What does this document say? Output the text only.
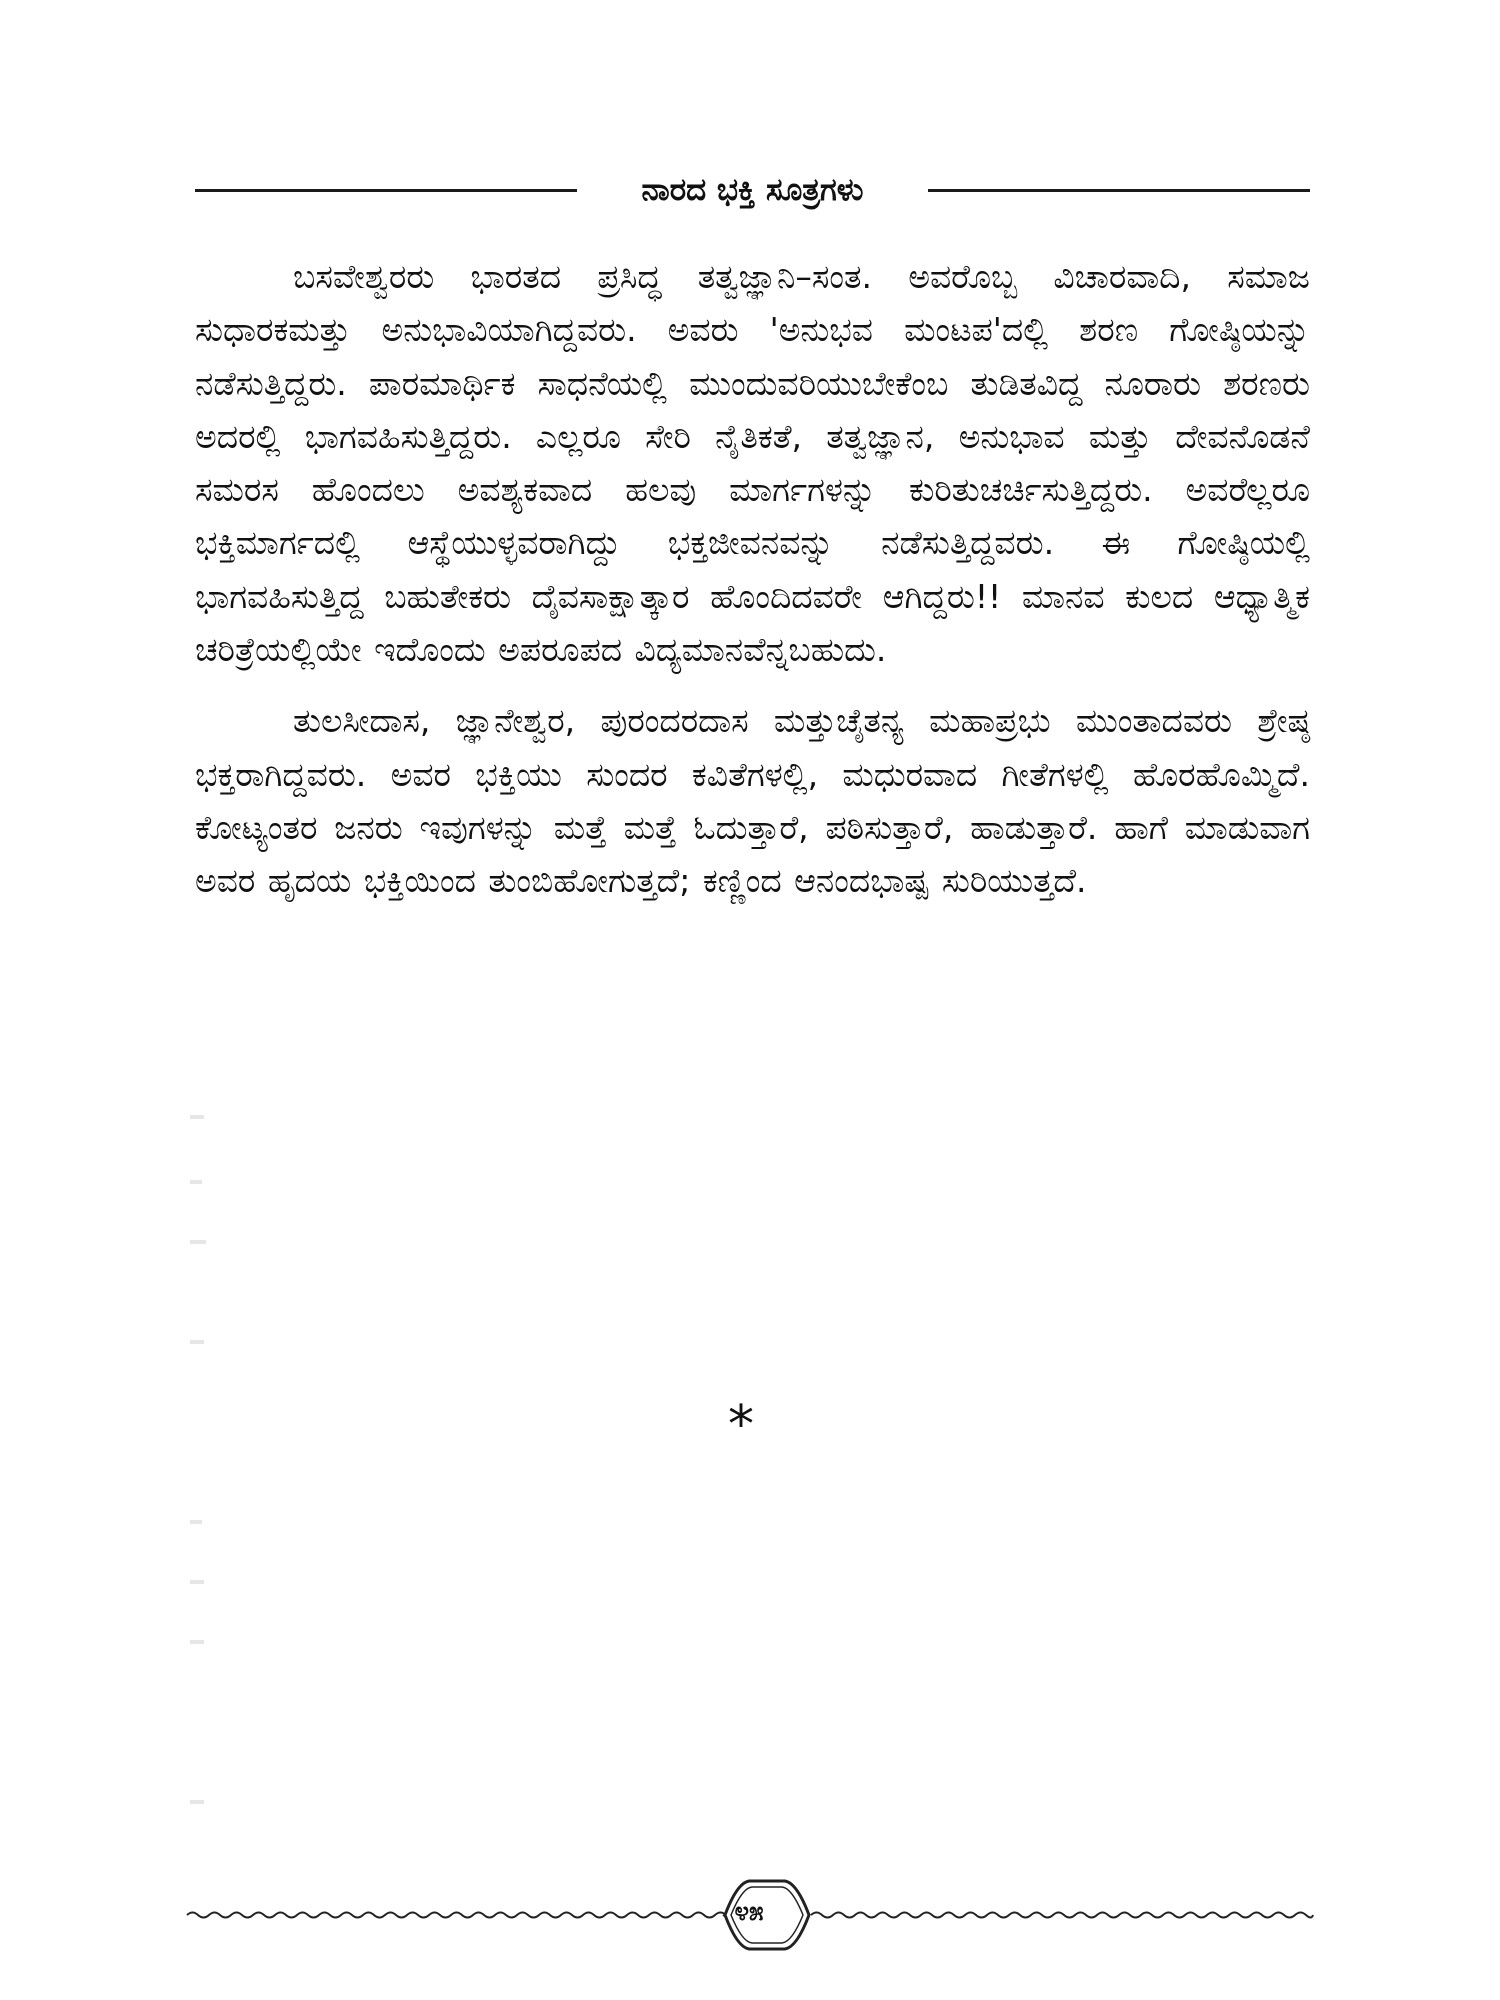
ನಾರದ ಭಕ್ತಿ ಸೂತ್ರಗಳು

ಬಸವೇಶ್ವರರು ಭಾರತದ ಪ್ರಸಿದ್ಧ ತತ್ವಜ್ಞಾನಿ–ಸಂತ. ಅವರೊಬ್ಬ ವಿಚಾರವಾದಿ, ಸಮಾಜ ಸುಧಾರಕಮತ್ತು ಅನುಭಾವಿಯಾಗಿದ್ದವರು. ಅವರು 'ಅನುಭವ ಮಂಟಪ'ದಲ್ಲಿ ಶರಣ ಗೋಷ್ಠಿಯನ್ನು ನಡೆಸುತ್ತಿದ್ದರು. ಪಾರಮಾರ್ಥಿಕ ಸಾಧನೆಯಲ್ಲಿ ಮುಂದುವರಿಯುಬೇಕೆಂಬ ತುಡಿತವಿದ್ದ ನೂರಾರು ಶರಣರು ಅದರಲ್ಲಿ ಭಾಗವಹಿಸುತ್ತಿದ್ದರು. ಎಲ್ಲರೂ ಸೇರಿ ನೈತಿಕತೆ, ತತ್ವಜ್ಞಾನ, ಅನುಭಾವ ಮತ್ತು ದೇವನೊಡನೆ ಸಮರಸ ಹೊಂದಲು ಅವಶ್ಯಕವಾದ ಹಲವು ಮಾರ್ಗಗಳನ್ನು ಕುರಿತುಚರ್ಚಿಸುತ್ತಿದ್ದರು. ಅವರೆಲ್ಲರೂ ಭಕ್ತಿಮಾರ್ಗದಲ್ಲಿ ಆಸ್ಥೆಯುಳ್ಳವರಾಗಿದ್ದು ಭಕ್ತಜೀವನವನ್ನು ನಡೆಸುತ್ತಿದ್ದವರು. ಈ ಗೋಷ್ಠಿಯಲ್ಲಿ ಭಾಗವಹಿಸುತ್ತಿದ್ದ ಬಹುತೇಕರು ದೈವಸಾಕ್ಷಾತ್ಕಾರ ಹೊಂದಿದವರೇ ಆಗಿದ್ದರು!! ಮಾನವ ಕುಲದ ಆಧ್ಯಾತ್ಮಿಕ ಚರಿತ್ರೆಯಲ್ಲಿಯೇ ಇದೊಂದು ಅಪರೂಪದ ವಿದ್ಯಮಾನವೆನ್ನಬಹುದು.

ತುಲಸೀದಾಸ, ಜ್ಞಾನೇಶ್ವರ, ಪುರಂದರದಾಸ ಮತ್ತುಚೈತನ್ಯ ಮಹಾಪ್ರಭು ಮುಂತಾದವರು ಶ್ರೇಷ್ಠ ಭಕ್ತರಾಗಿದ್ದವರು. ಅವರ ಭಕ್ತಿಯು ಸುಂದರ ಕವಿತೆಗಳಲ್ಲಿ, ಮಧುರವಾದ ಗೀತೆಗಳಲ್ಲಿ ಹೊರಹೊಮ್ಮಿದೆ. ಕೋಟ್ಯಂತರ ಜನರು ಇವುಗಳನ್ನು ಮತ್ತೆ ಮತ್ತೆ ಓದುತ್ತಾರೆ, ಪಠಿಸುತ್ತಾರೆ, ಹಾಡುತ್ತಾರೆ. ಹಾಗೆ ಮಾಡುವಾಗ ಅವರ ಹೃದಯ ಭಕ್ತಿಯಿಂದ ತುಂಬಿಹೋಗುತ್ತದೆ; ಕಣ್ಣಿಂದ ಆನಂದಭಾಷ್ಪ ಸುರಿಯುತ್ತದೆ.

*
೪೫
